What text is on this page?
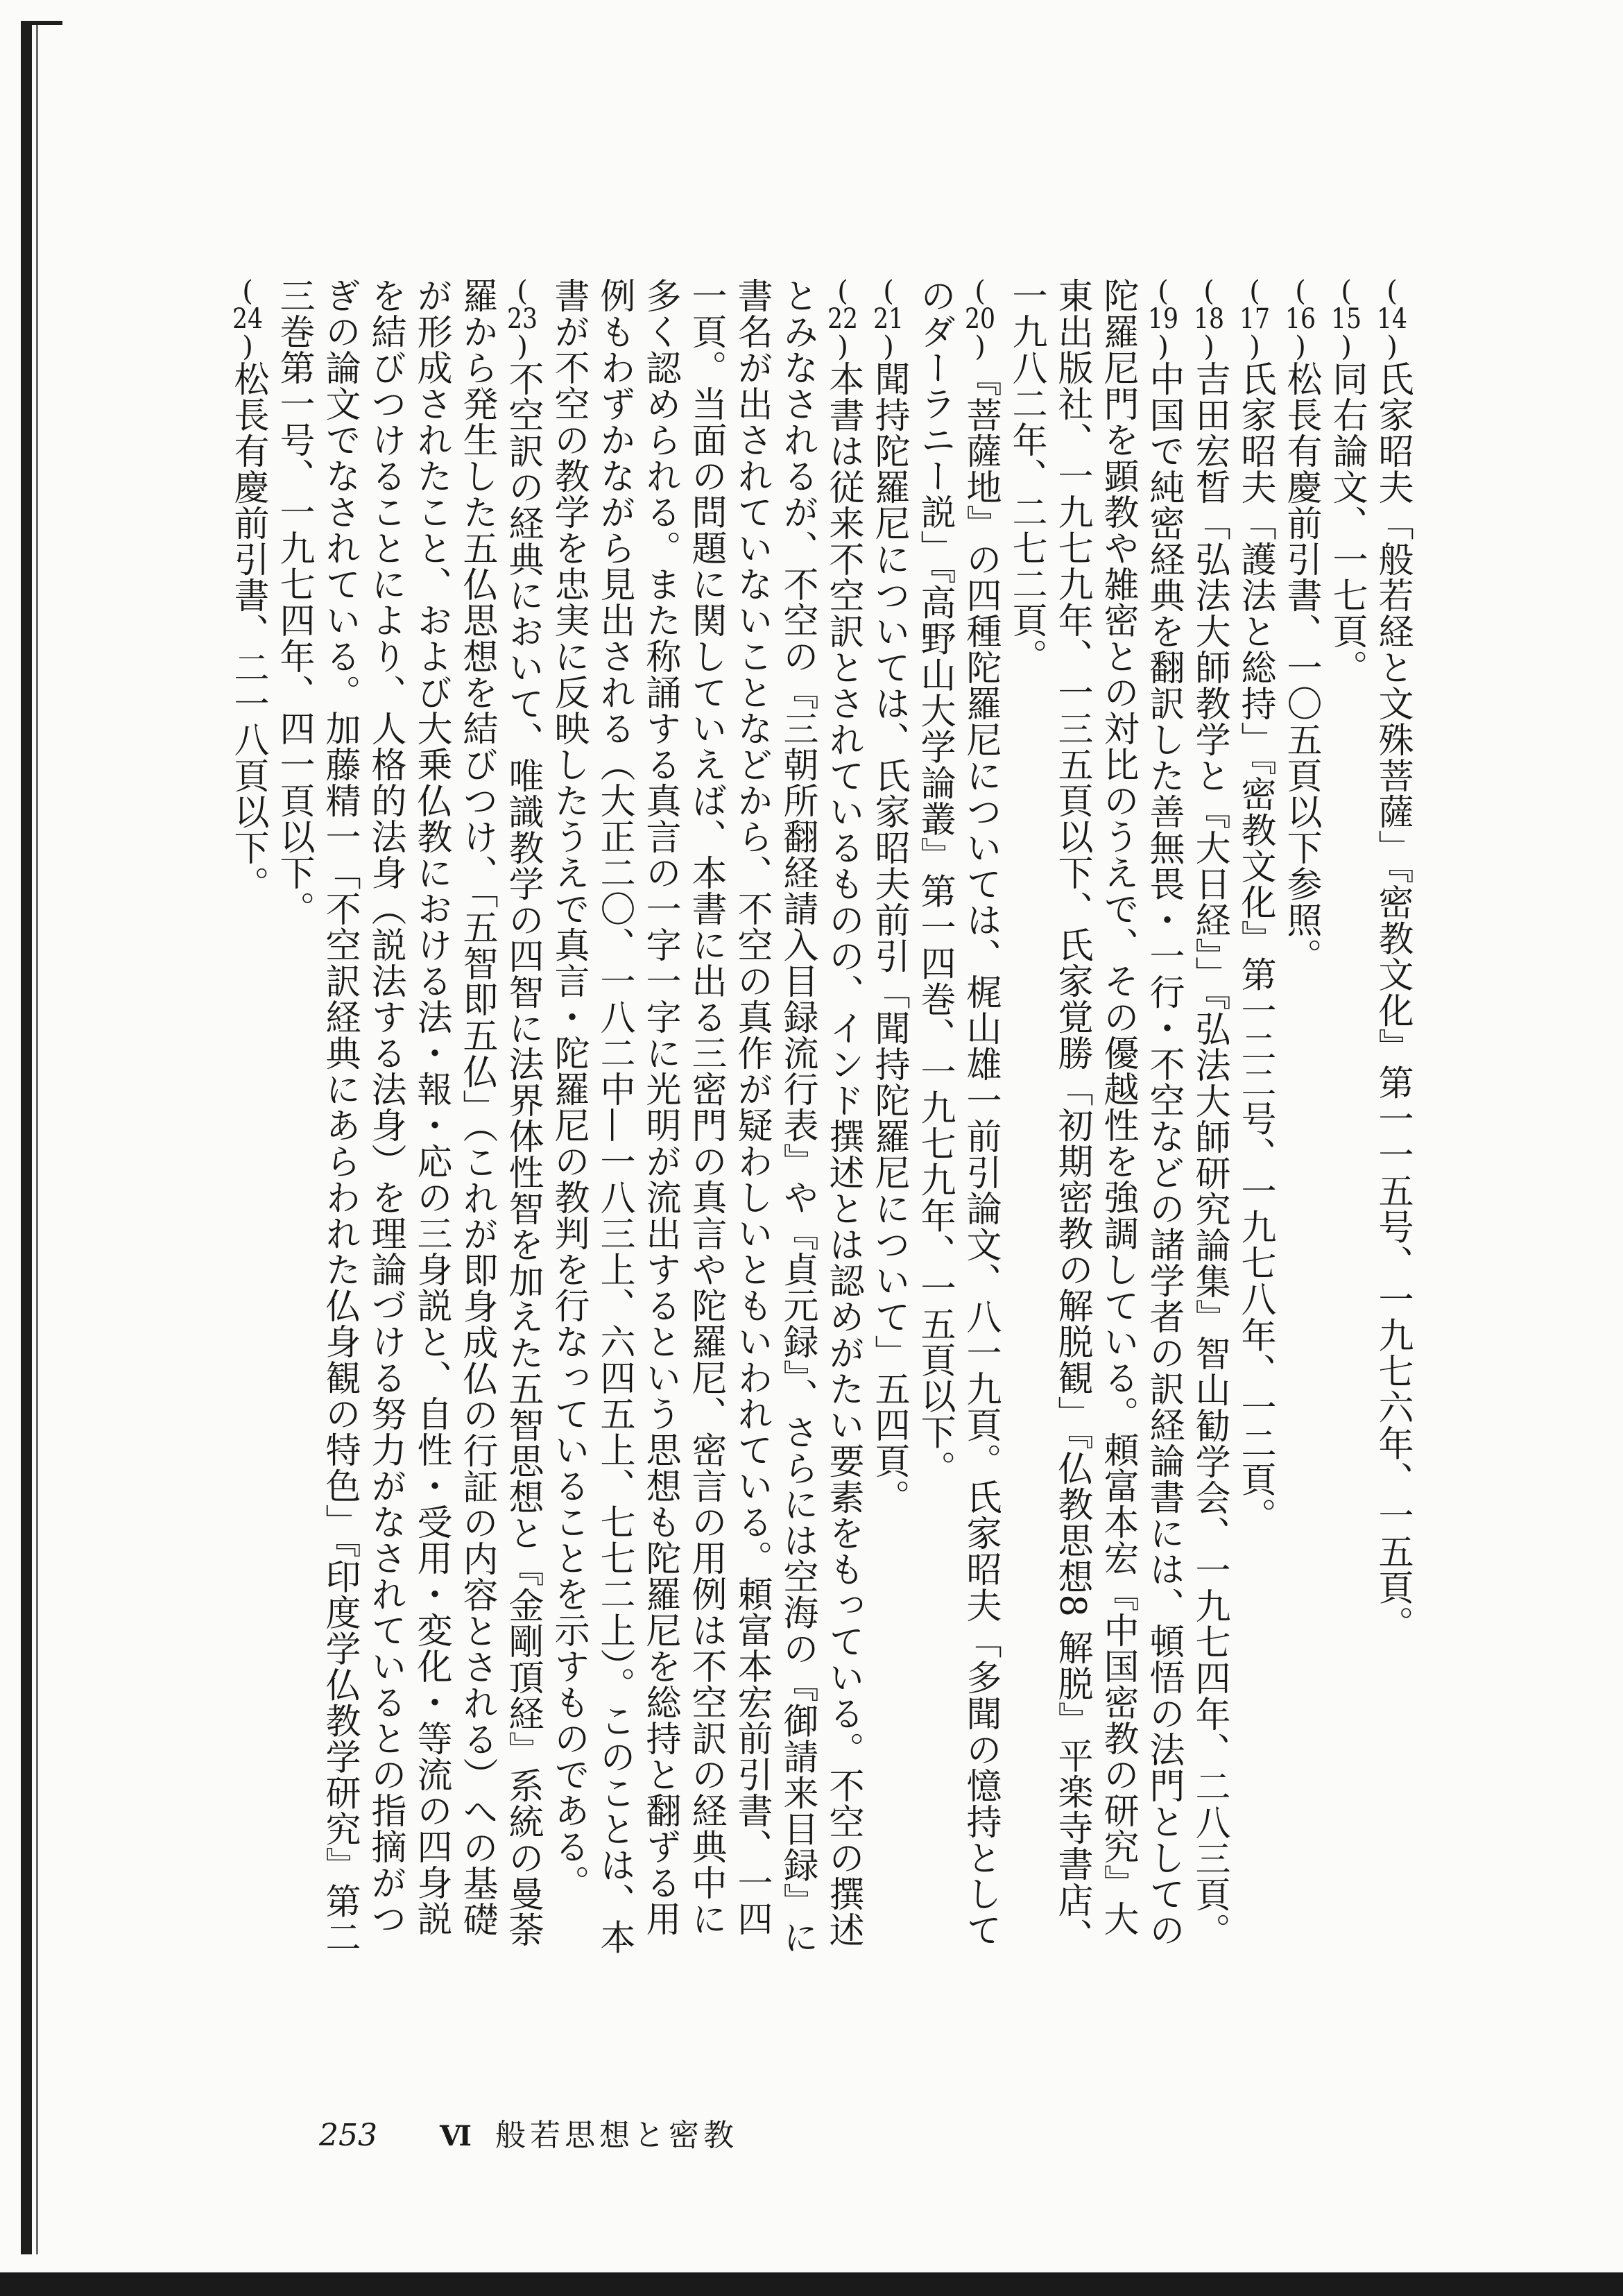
(14)氏家昭夫「般若経と文殊菩薩」『密教文化』第一一五号、一九七六年、一五頁。

(15)同右論文、一七頁。

(16)松長有慶前引書、一〇五頁以下参照。

(17)氏家昭夫「護法と総持」『密教文化』第一二二号、一九七八年、一二頁。

(18)吉田宏晳「弘法大師教学と『大日経』」『弘法大師研究論集』智山勧学会、一九七四年、二八三頁。

(19)中国で純密経典を翻訳した善無畏・一行・不空などの諸学者の訳経論書には、頓悟の法門としての陀羅尼門を顕教や雑密との対比のうえで、その優越性を強調している。頼富本宏『中国密教の研究』大東出版社、一九七九年、一三五頁以下、氏家覚勝「初期密教の解脱観」『仏教思想8 解脱』平楽寺書店、一九八二年、二七二頁。

(20)『菩薩地』の四種陀羅尼については、梶山雄一前引論文、八一九頁。氏家昭夫「多聞の憶持としてのダーラニー説」『高野山大学論叢』第一四巻、一九七九年、一五頁以下。

(21)聞持陀羅尼については、氏家昭夫前引「聞持陀羅尼について」五四頁。

(22)本書は従来不空訳とされているものの、インド撰述とは認めがたい要素をもっている。不空の撰述とみなされるが、不空の『三朝所翻経請入目録流行表』や『貞元録』、さらには空海の『御請来目録』に書名が出されていないことなどから、不空の真作が疑わしいともいわれている。頼富本宏前引書、一四一頁。当面の問題に関していえば、本書に出る三密門の真言や陀羅尼、密言の用例は不空訳の経典中に多く認められる。また称誦する真言の一字一字に光明が流出するという思想も陀羅尼を総持と翻ずる用例もわずかながら見出される（大正二〇、一八二中—一八三上、六四五上、七七二上）。このことは、本書が不空の教学を忠実に反映したうえで真言・陀羅尼の教判を行なっていることを示すものである。

(23)不空訳の経典において、唯識教学の四智に法界体性智を加えた五智思想と『金剛頂経』系統の曼荼羅から発生した五仏思想を結びつけ、「五智即五仏」（これが即身成仏の行証の内容とされる）への基礎が形成されたこと、および大乗仏教における法・報・応の三身説と、自性・受用・変化・等流の四身説を結びつけることにより、人格的法身（説法する法身）を理論づける努力がなされているとの指摘がつぎの論文でなされている。加藤精一「不空訳経典にあらわれた仏身観の特色」『印度学仏教学研究』第二三巻第一号、一九七四年、四一頁以下。

(24)松長有慶前引書、二一八頁以下。

253 Ⅵ 般若思想と密教
